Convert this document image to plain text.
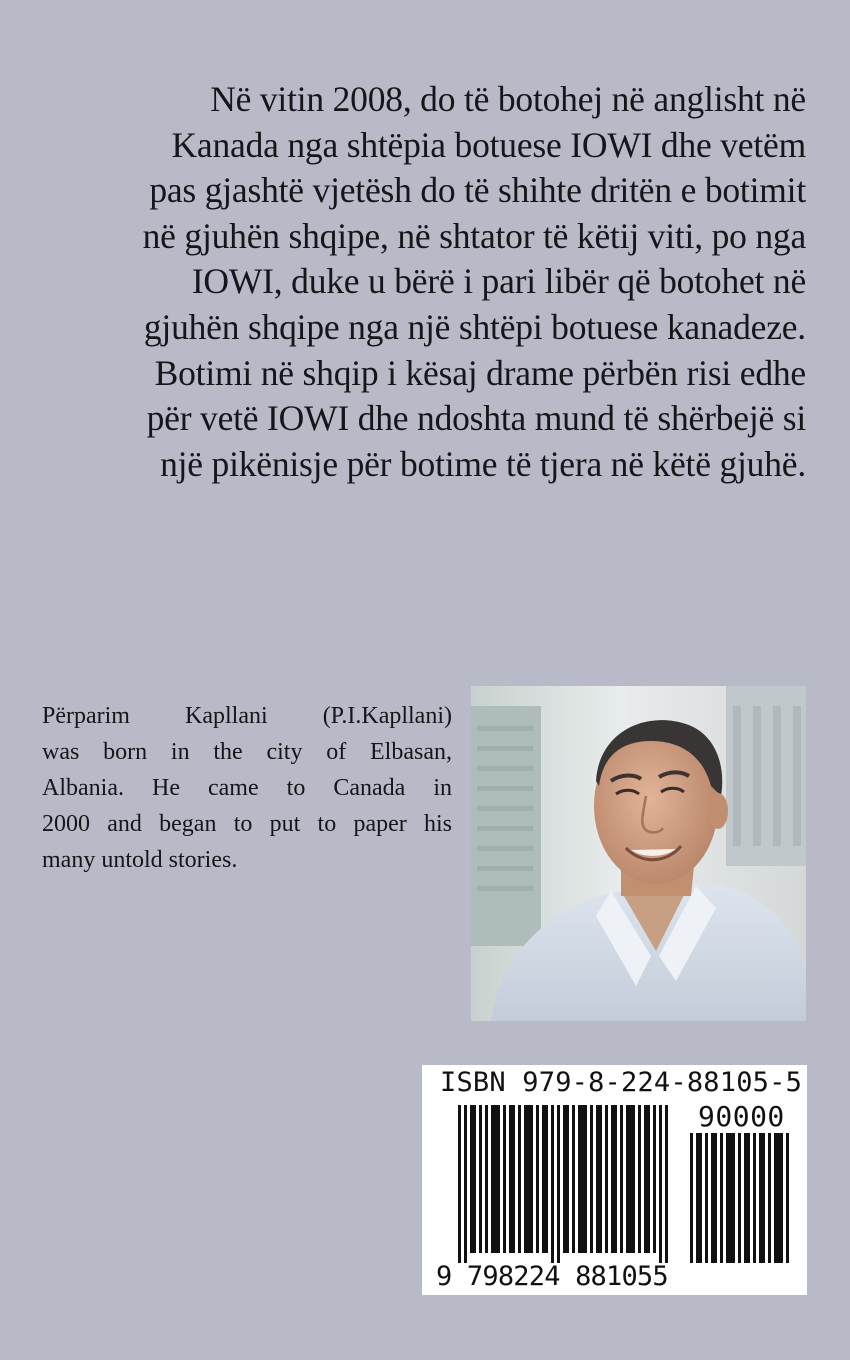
Në vitin 2008, do të botohej në anglisht në
Kanada nga shtëpia botuese IOWI dhe vetëm
pas gjashtë vjetësh do të shihte dritën e botimit
në gjuhën shqipe, në shtator të këtij viti, po nga
IOWI, duke u bërë i pari libër që botohet në
gjuhën shqipe nga një shtëpi botuese kanadeze.
Botimi në shqip i kësaj drame përbën risi edhe
për vetë IOWI dhe ndoshta mund të shërbejë si
një pikënisje për botime të tjera në këtë gjuhë.
Përparim Kapllani (P.I.Kapllani)
was born in the city of Elbasan,
Albania. He came to Canada in
2000 and began to put to paper his
many untold stories.
ISBN 979-8-224-88105-5
90000
9 798224 881055
